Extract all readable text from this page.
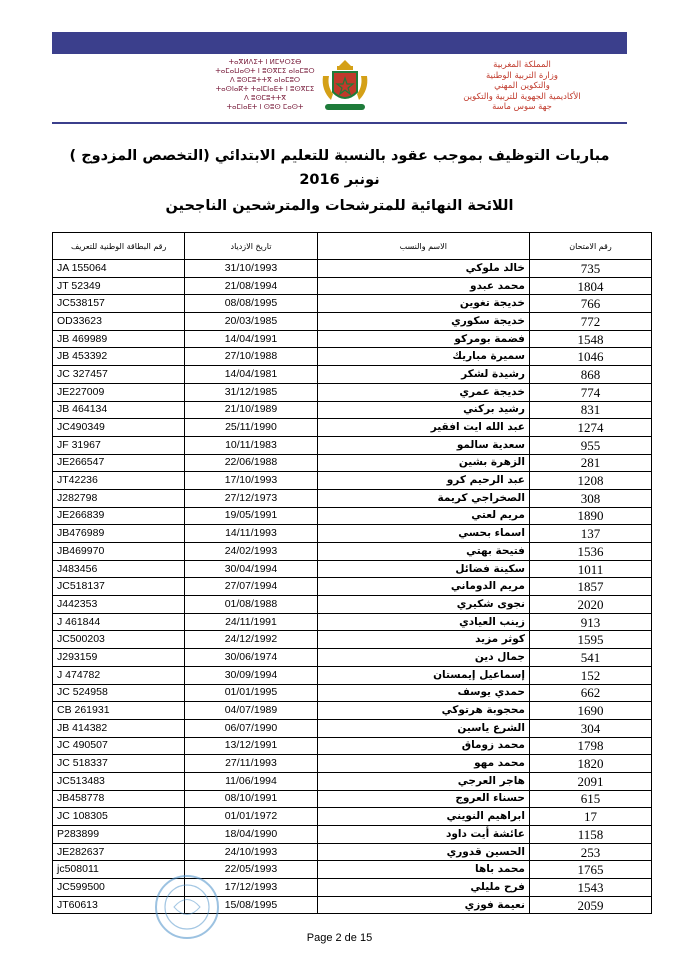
ⵜⴰⴳⵍⴷⵉⵜ ⵏ ⵍⵎⵖⵔⵉⴱ
ⵜⴰⵎⴰⵡⴰⵙⵜ ⵏ ⵓⵙⴳⵎⵉ ⴰⵏⴰⵎⵓⵔ
ⴷ ⵓⵙⵎⵓⵜⵜⴳ ⴰⵏⴰⵎⵓⵔ
ⵜⴰⵙⵏⴰⴽⵜ ⵜⴰⵏⵎⵏⴰⴹⵜ ⵏ ⵓⵙⴳⵎⵉ
ⴷ ⵓⵙⵎⵓⵜⵜⴳ
ⵜⴰⵎⵏⴰⴹⵜ ⵏ ⵙⵓⵙ ⵎⴰⵙⵜ
المملكة المغربية
وزارة التربية الوطنية
والتكوين المهني
الأكاديمية الجهوية للتربية والتكوين
جهة سوس ماسة
مباريات التوظيف بموجب عقود بالنسبة للتعليم الابتدائي (التخصص المزدوج )
نونبر 2016
اللائحة النهائية للمترشحات والمترشحين الناجحين
رقم البطاقة الوطنية للتعريف	تاريخ الازدياد	الاسم والنسب	رقم الامتحان
JA 155064	31/10/1993	خالد ملوكي	735
JT 52349	21/08/1994	محمد عبدو	1804
JC538157	08/08/1995	خديجة تغوين	766
OD33623	20/03/1985	خديجة سكوري	772
JB 469989	14/04/1991	فضمة بومركو	1548
JB 453392	27/10/1988	سميرة مباريك	1046
JC 327457	14/04/1981	رشيدة لشكر	868
JE227009	31/12/1985	خديجة عمري	774
JB 464134	21/10/1989	رشيد بركني	831
JC490349	25/11/1990	عبد الله ايت افقير	1274
JF 31967	10/11/1983	سعدية سالمو	955
JE266547	22/06/1988	الزهرة بشين	281
JT42236	17/10/1993	عبد الرحيم كرو	1208
J282798	27/12/1973	الصخراجي كريمة	308
JE266839	19/05/1991	مريم لعتي	1890
JB476989	14/11/1993	اسماء بحسي	137
JB469970	24/02/1993	فتيحة بهتي	1536
J483456	30/04/1994	سكينة فضائل	1011
JC518137	27/07/1994	مريم الدوماني	1857
J442353	01/08/1988	نجوى شكيري	2020
J 461844	24/11/1991	زينب العيادي	913
JC500203	24/12/1992	كوثر مزيد	1595
J293159	30/06/1974	جمال دين	541
J 474782	30/09/1994	إسماعيل إيمستان	152
JC 524958	01/01/1995	حمدي يوسف	662
CB 261931	04/07/1989	محجوبة هرتوكي	1690
JB 414382	06/07/1990	الشرع ياسين	304
JC 490507	13/12/1991	محمد زوماق	1798
JC 518337	27/11/1993	محمد مهو	1820
JC513483	11/06/1994	هاجر العرجي	2091
JB458778	08/10/1991	حسناء العروج	615
JC 108305	01/01/1972	ابراهيم النويني	17
P283899	18/04/1990	عائشة أيت داود	1158
JE282637	24/10/1993	الحسين قدوري	253
jc508011	22/05/1993	محمد باها	1765
JC599500	17/12/1993	فرح مليلي	1543
JT60613	15/08/1995	نعيمة فوزي	2059
Page 2 de 15
